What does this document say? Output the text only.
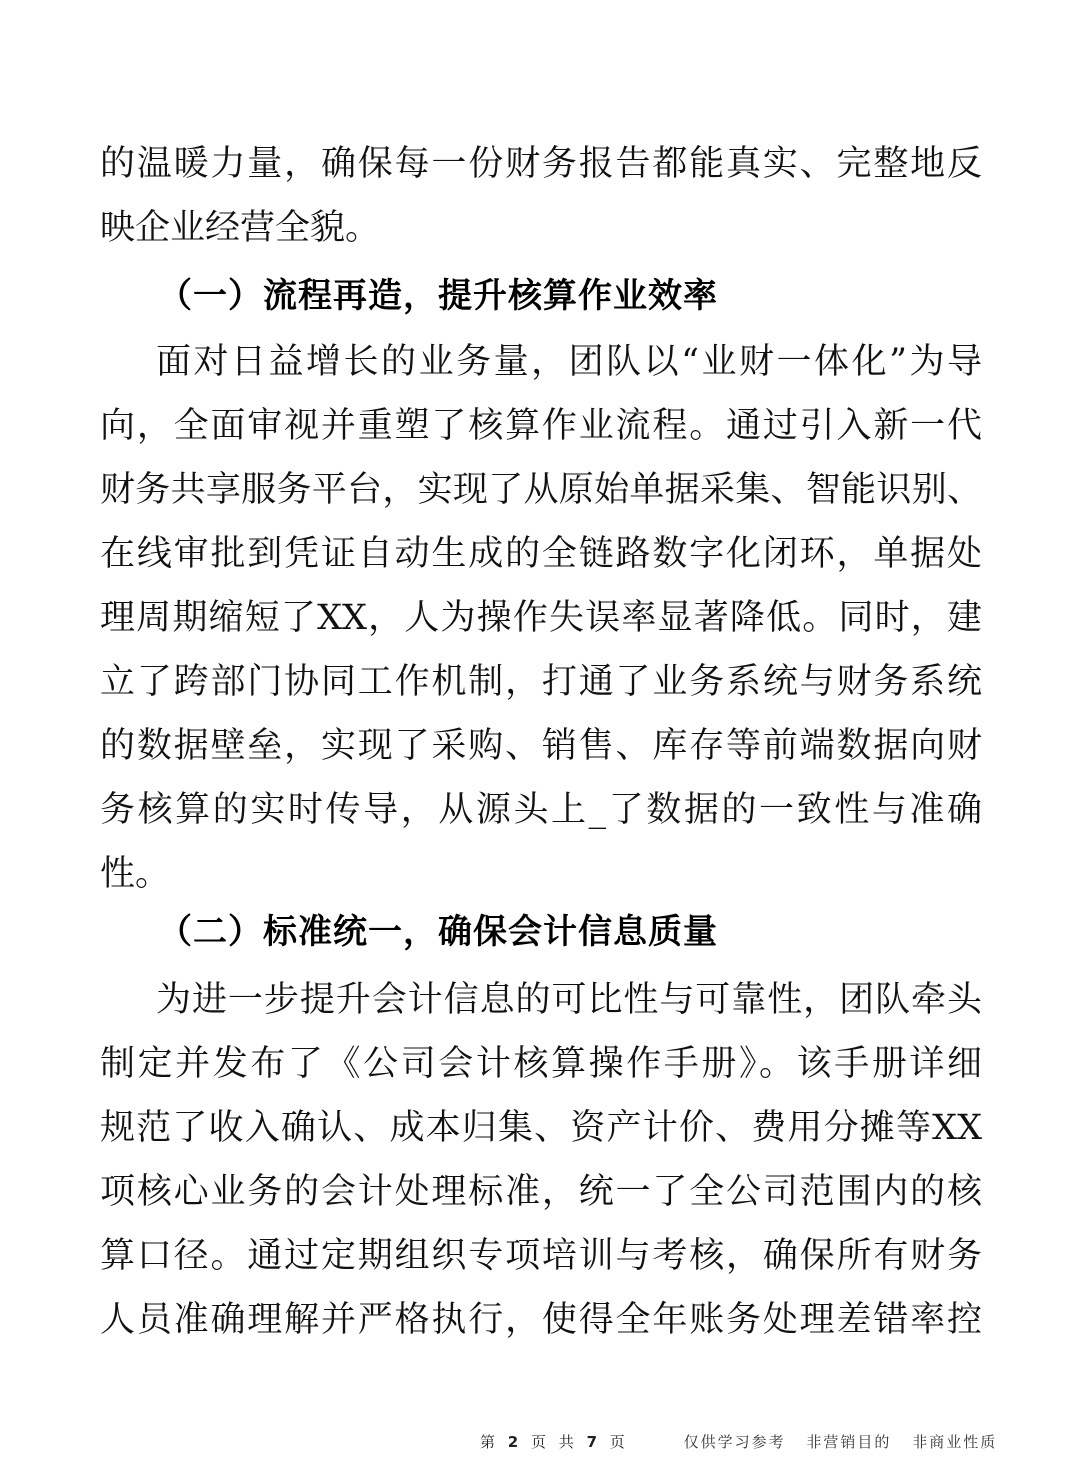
的温暖力量，确保每一份财务报告都能真实、完整地反
映企业经营全貌。
（一）流程再造，提升核算作业效率
面对日益增长的业务量，团队以“业财一体化”为导
向，全面审视并重塑了核算作业流程。通过引入新一代
财务共享服务平台，实现了从原始单据采集、智能识别、
在线审批到凭证自动生成的全链路数字化闭环，单据处
理周期缩短了XX，人为操作失误率显著降低。同时，建
立了跨部门协同工作机制，打通了业务系统与财务系统
的数据壁垒，实现了采购、销售、库存等前端数据向财
务核算的实时传导，从源头上_了数据的一致性与准确
性。
（二）标准统一，确保会计信息质量
为进一步提升会计信息的可比性与可靠性，团队牵头
制定并发布了《公司会计核算操作手册》。该手册详细
规范了收入确认、成本归集、资产计价、费用分摊等XX
项核心业务的会计处理标准，统一了全公司范围内的核
算口径。通过定期组织专项培训与考核，确保所有财务
人员准确理解并严格执行，使得全年账务处理差错率控
第 2 页 共 7 页	仅供学习参考 非营销目的 非商业性质
